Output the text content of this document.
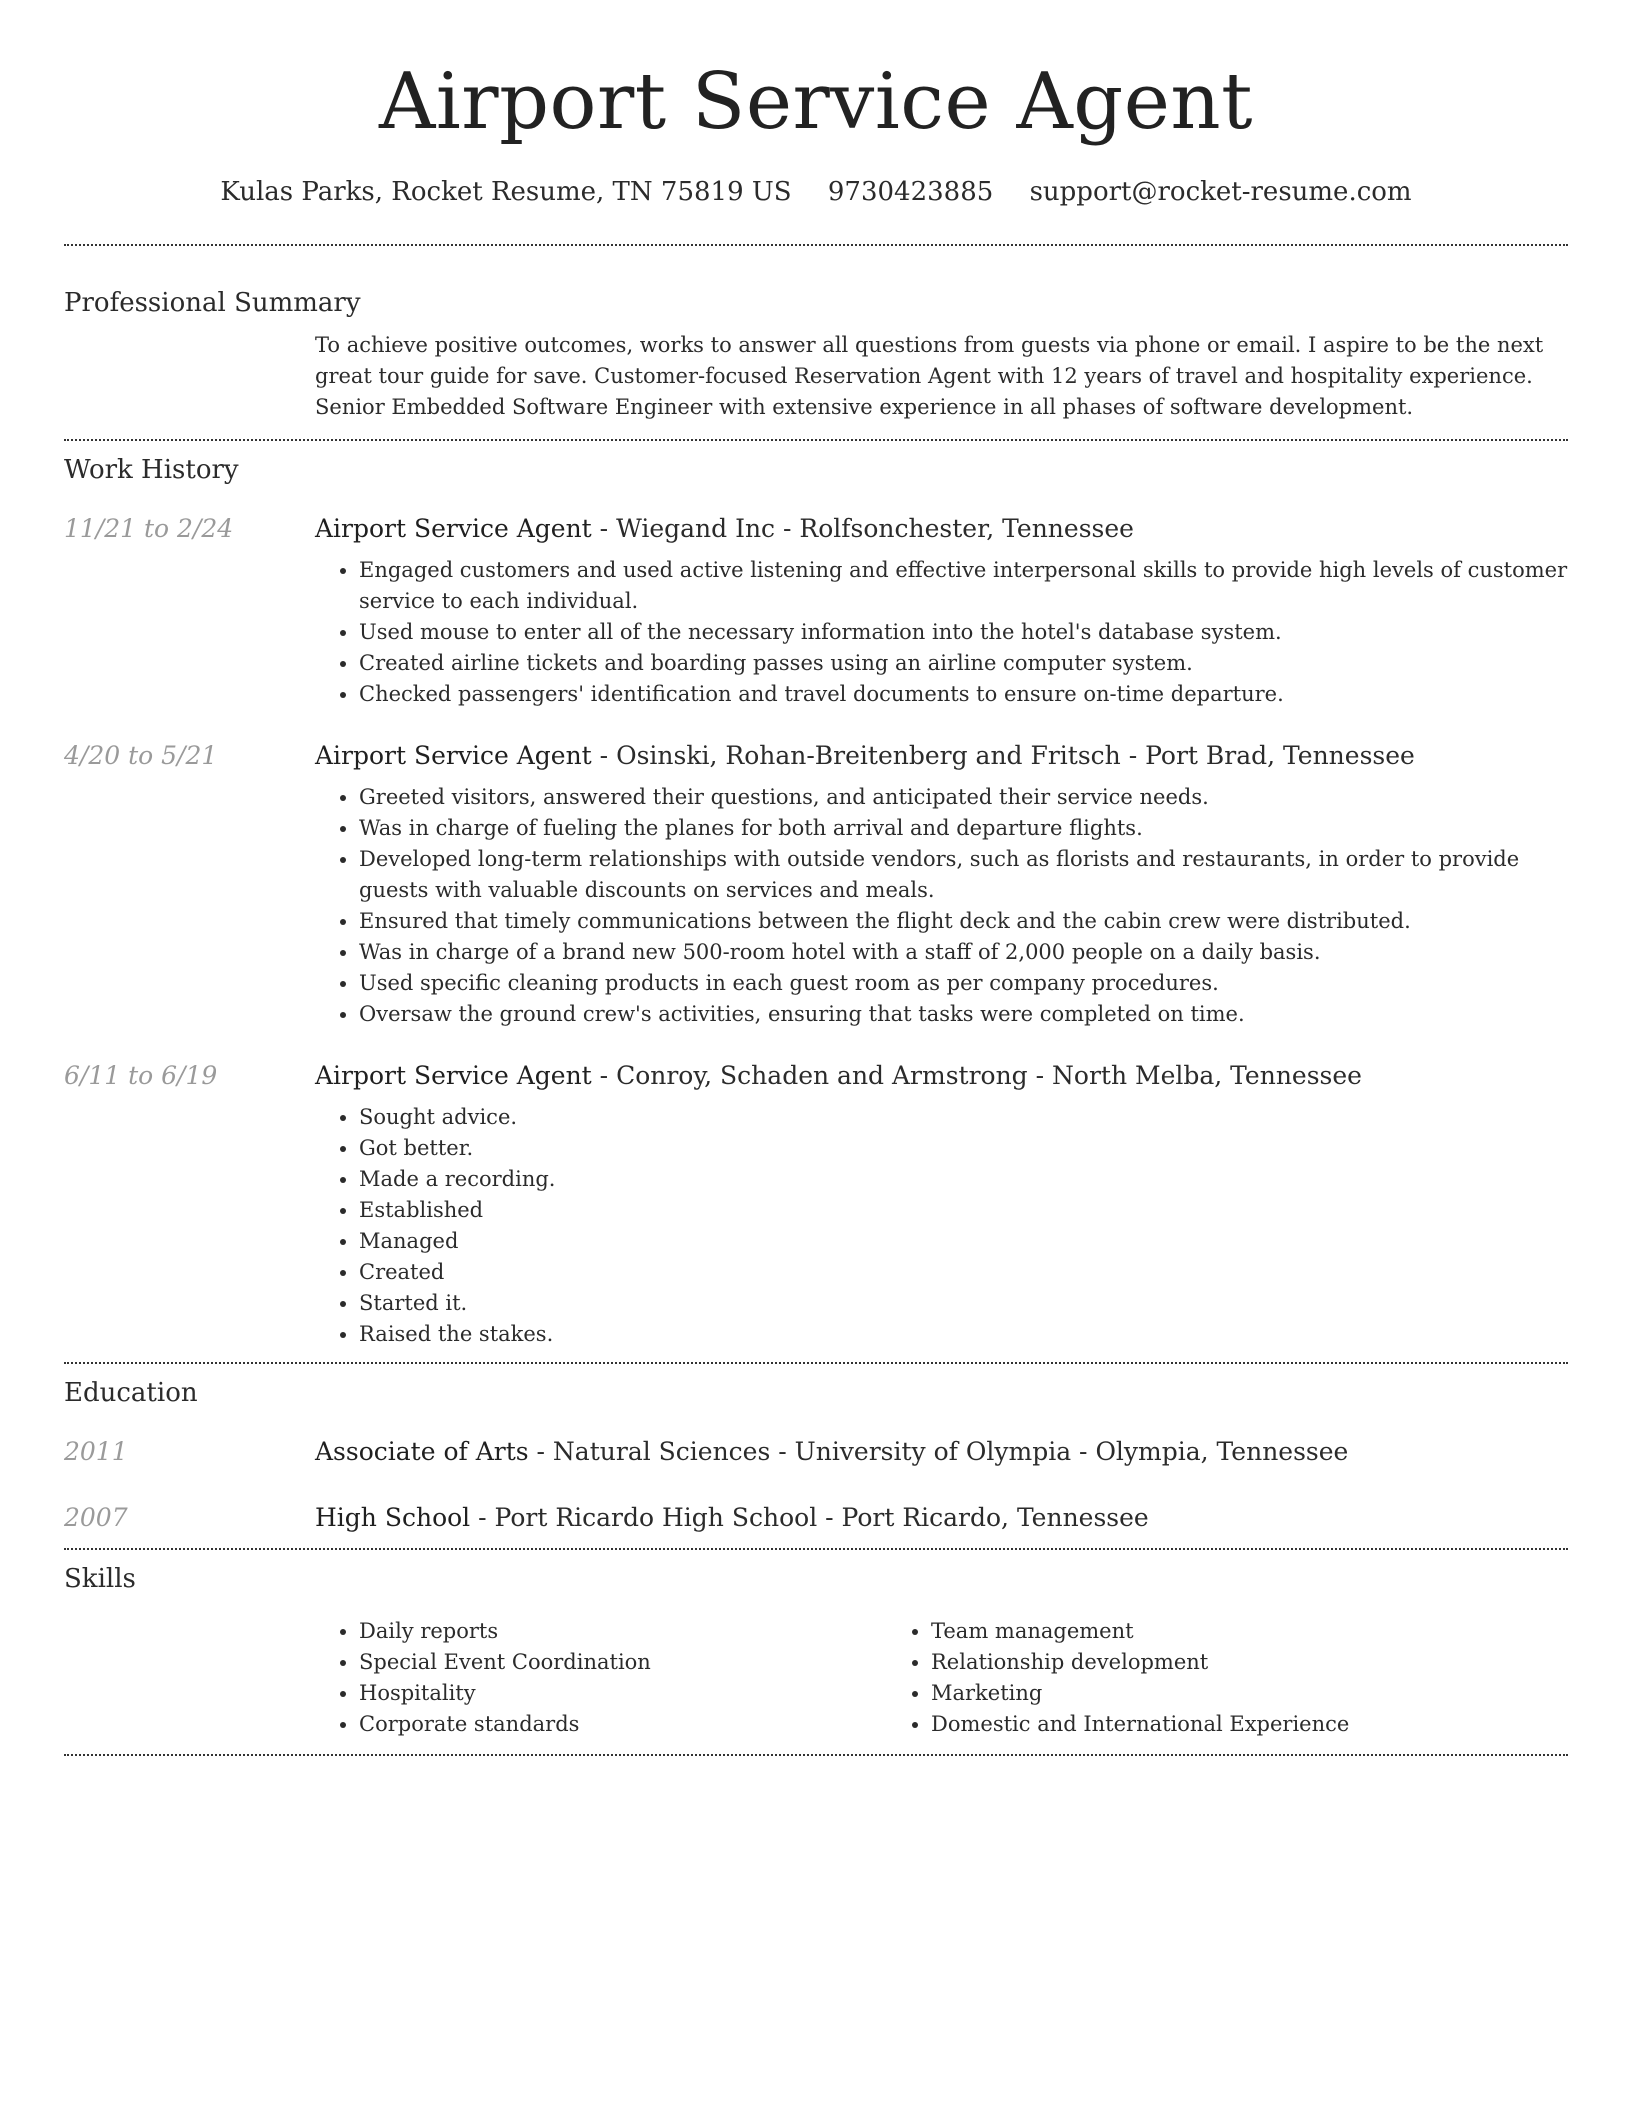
Airport Service Agent
Kulas Parks, Rocket Resume, TN 75819 US 9730423885 support@rocket-resume.com
Professional Summary
To achieve positive outcomes, works to answer all questions from guests via phone or email. I aspire to be the next great tour guide for save. Customer-focused Reservation Agent with 12 years of travel and hospitality experience. Senior Embedded Software Engineer with extensive experience in all phases of software development.
Work History
11/21 to 2/24	Airport Service Agent - Wiegand Inc - Rolfsonchester, Tennessee
• Engaged customers and used active listening and effective interpersonal skills to provide high levels of customer service to each individual.
• Used mouse to enter all of the necessary information into the hotel's database system.
• Created airline tickets and boarding passes using an airline computer system.
• Checked passengers' identification and travel documents to ensure on-time departure.
4/20 to 5/21	Airport Service Agent - Osinski, Rohan-Breitenberg and Fritsch - Port Brad, Tennessee
• Greeted visitors, answered their questions, and anticipated their service needs.
• Was in charge of fueling the planes for both arrival and departure flights.
• Developed long-term relationships with outside vendors, such as florists and restaurants, in order to provide guests with valuable discounts on services and meals.
• Ensured that timely communications between the flight deck and the cabin crew were distributed.
• Was in charge of a brand new 500-room hotel with a staff of 2,000 people on a daily basis.
• Used specific cleaning products in each guest room as per company procedures.
• Oversaw the ground crew's activities, ensuring that tasks were completed on time.
6/11 to 6/19	Airport Service Agent - Conroy, Schaden and Armstrong - North Melba, Tennessee
• Sought advice.
• Got better.
• Made a recording.
• Established
• Managed
• Created
• Started it.
• Raised the stakes.
Education
2011	Associate of Arts - Natural Sciences - University of Olympia - Olympia, Tennessee
2007	High School - Port Ricardo High School - Port Ricardo, Tennessee
Skills
• Daily reports
• Special Event Coordination
• Hospitality
• Corporate standards
• Team management
• Relationship development
• Marketing
• Domestic and International Experience
